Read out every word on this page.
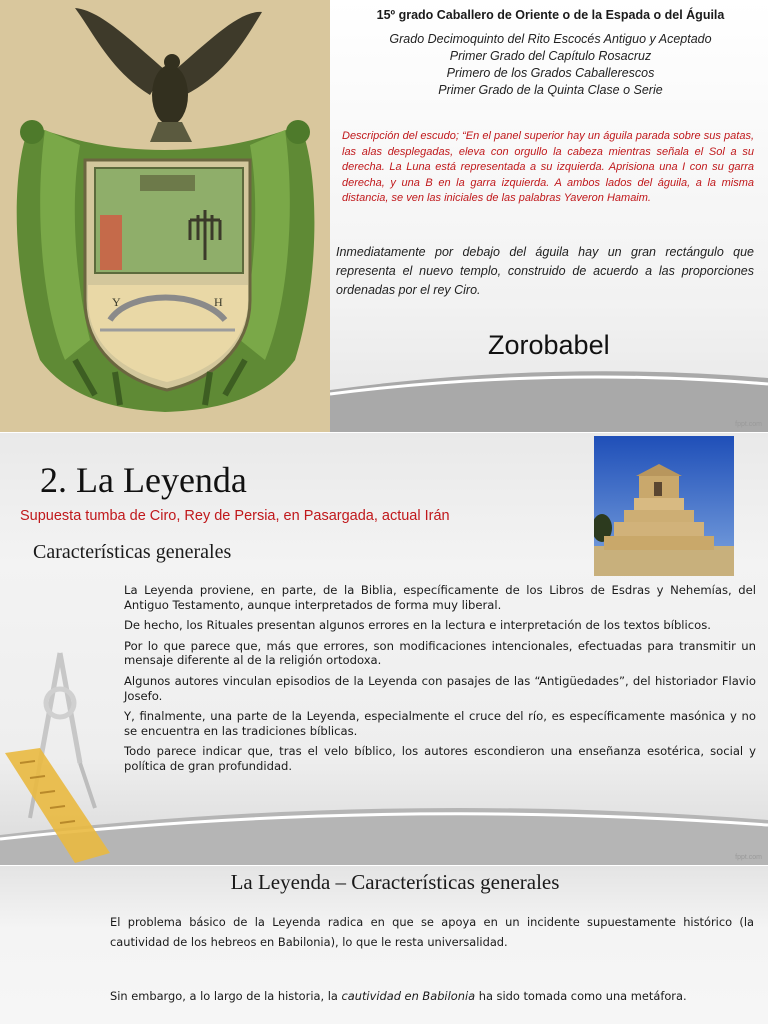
fppt.com
Y	H
15º grado Caballero de Oriente o de la Espada o del Águila
Grado Decimoquinto del Rito Escocés Antiguo y Aceptado
Primer Grado del Capítulo Rosacruz
Primero de los Grados Caballerescos
Primer Grado de la Quinta Clase o Serie
Descripción del escudo; “En el panel superior hay un águila parada sobre sus patas, las alas desplegadas, eleva con orgullo la cabeza mientras señala el Sol a su derecha. La Luna está representada a su izquierda. Aprisiona una I con su garra derecha, y una B en la garra izquierda. A ambos lados del águila, a la misma distancia, se ven las iniciales de las palabras Yaveron Hamaim.
Inmediatamente por debajo del águila hay un gran rectángulo que representa el nuevo templo, construido de acuerdo a las proporciones ordenadas por el rey Ciro.
Zorobabel
fppt.com
2. La Leyenda
Supuesta tumba de Ciro, Rey de Persia, en Pasargada, actual Irán
Características generales

La Leyenda proviene, en parte, de la Biblia, específicamente de los Libros de Esdras y Nehemías, del Antiguo Testamento, aunque interpretados de forma muy liberal.

De hecho, los Rituales presentan algunos errores en la lectura e interpretación de los textos bíblicos.

Por lo que parece que, más que errores, son modificaciones intencionales, efectuadas para transmitir un mensaje diferente al de la religión ortodoxa.

Algunos autores vinculan episodios de la Leyenda con pasajes de las “Antigüedades”, del historiador Flavio Josefo.

Y, finalmente, una parte de la Leyenda, especialmente el cruce del río, es específicamente masónica y no se encuentra en las tradiciones bíblicas.

Todo parece indicar que, tras el velo bíblico, los autores escondieron una enseñanza esotérica, social y política de gran profundidad.

La Leyenda – Características generales
El problema básico de la Leyenda radica en que se apoya en un incidente supuestamente histórico (la cautividad de los hebreos en Babilonia), lo que le resta universalidad.
Sin embargo, a lo largo de la historia, la cautividad en Babilonia ha sido tomada como una metáfora.
